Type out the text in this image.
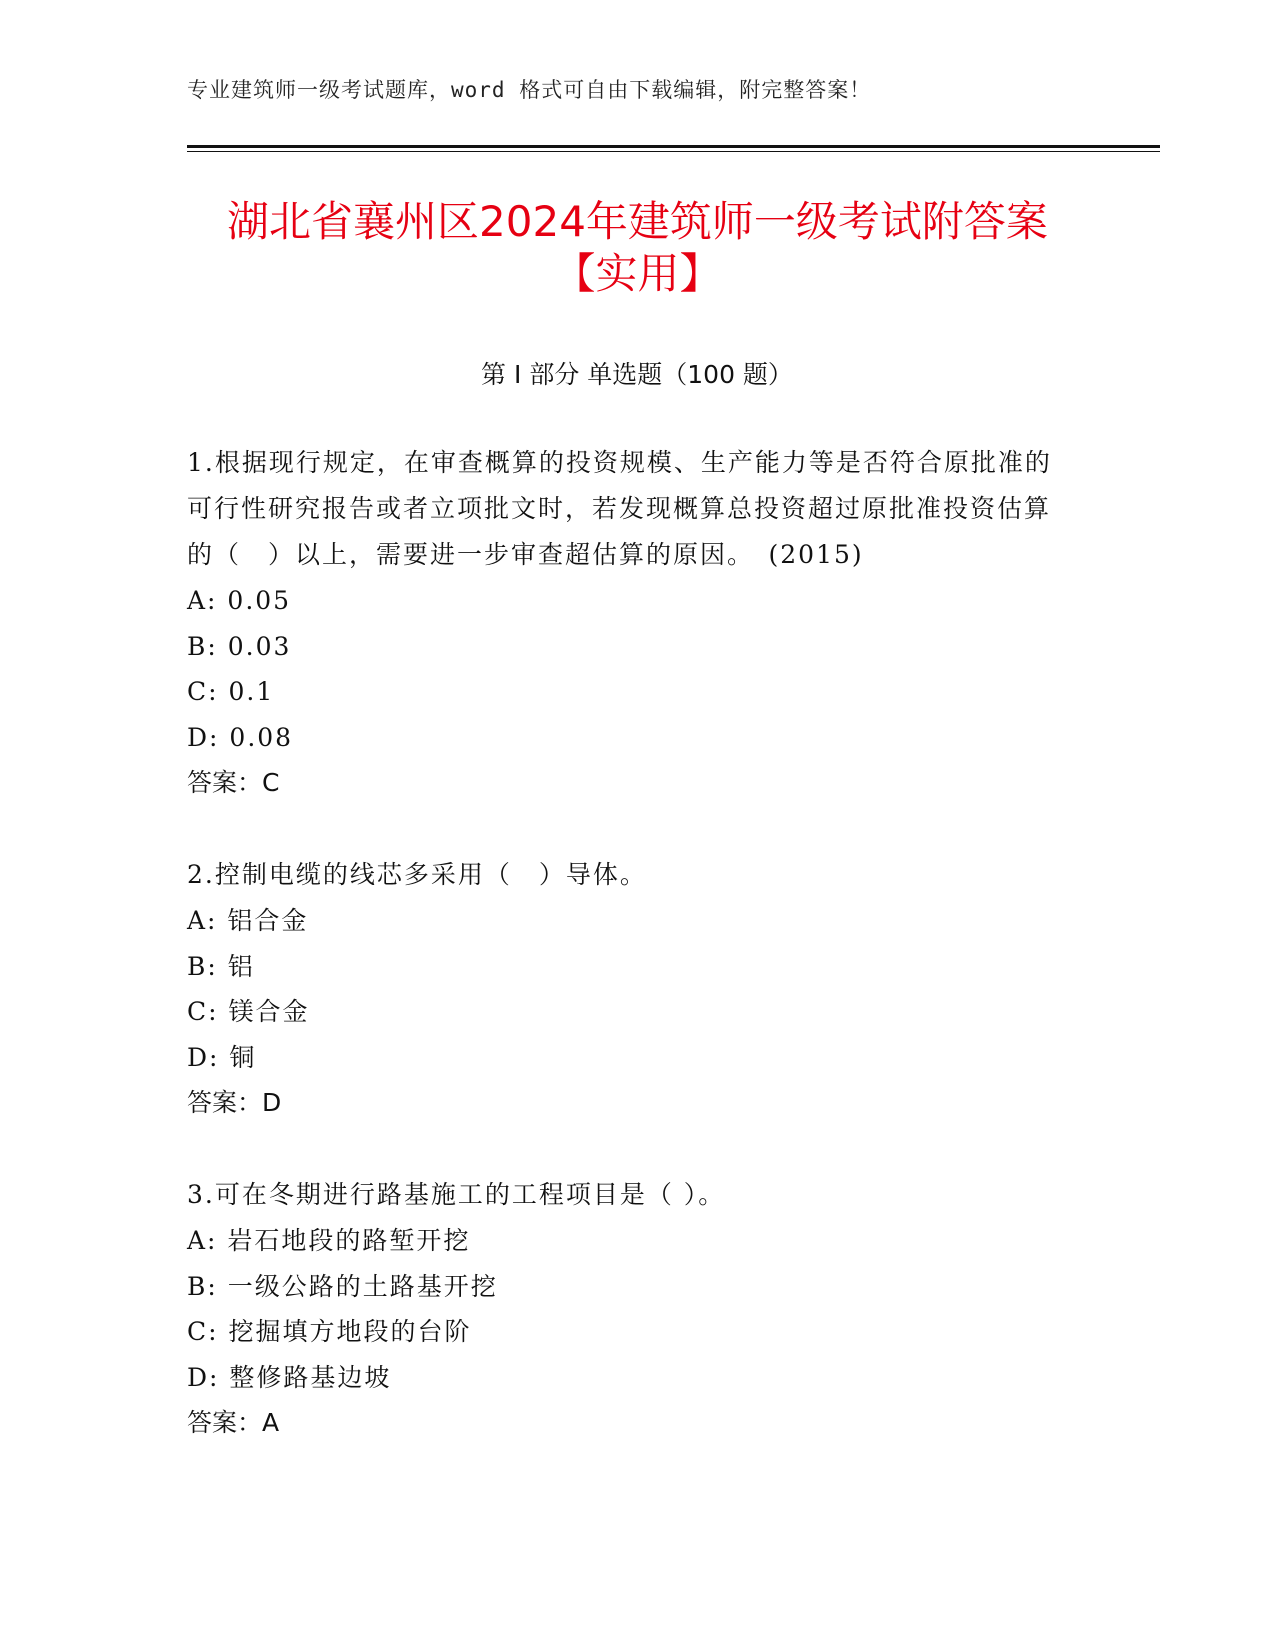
专业建筑师一级考试题库，word 格式可自由下载编辑，附完整答案！
湖北省襄州区2024年建筑师一级考试附答案
【实用】
第 I 部分 单选题（100 题）

1.根据现行规定，在审查概算的投资规模、生产能力等是否符合原批准的可行性研究报告或者立项批文时，若发现概算总投资超过原批准投资估算的（　）以上，需要进一步审查超估算的原因。　(2015)

A: 0.05

B: 0.03

C: 0.1

D: 0.08

答案：C

2.控制电缆的线芯多采用（　）导体。

A: 铝合金

B: 铝

C: 镁合金

D: 铜

答案：D

3.可在冬期进行路基施工的工程项目是（ ）。

A: 岩石地段的路堑开挖

B: 一级公路的土路基开挖

C: 挖掘填方地段的台阶

D: 整修路基边坡

答案：A
